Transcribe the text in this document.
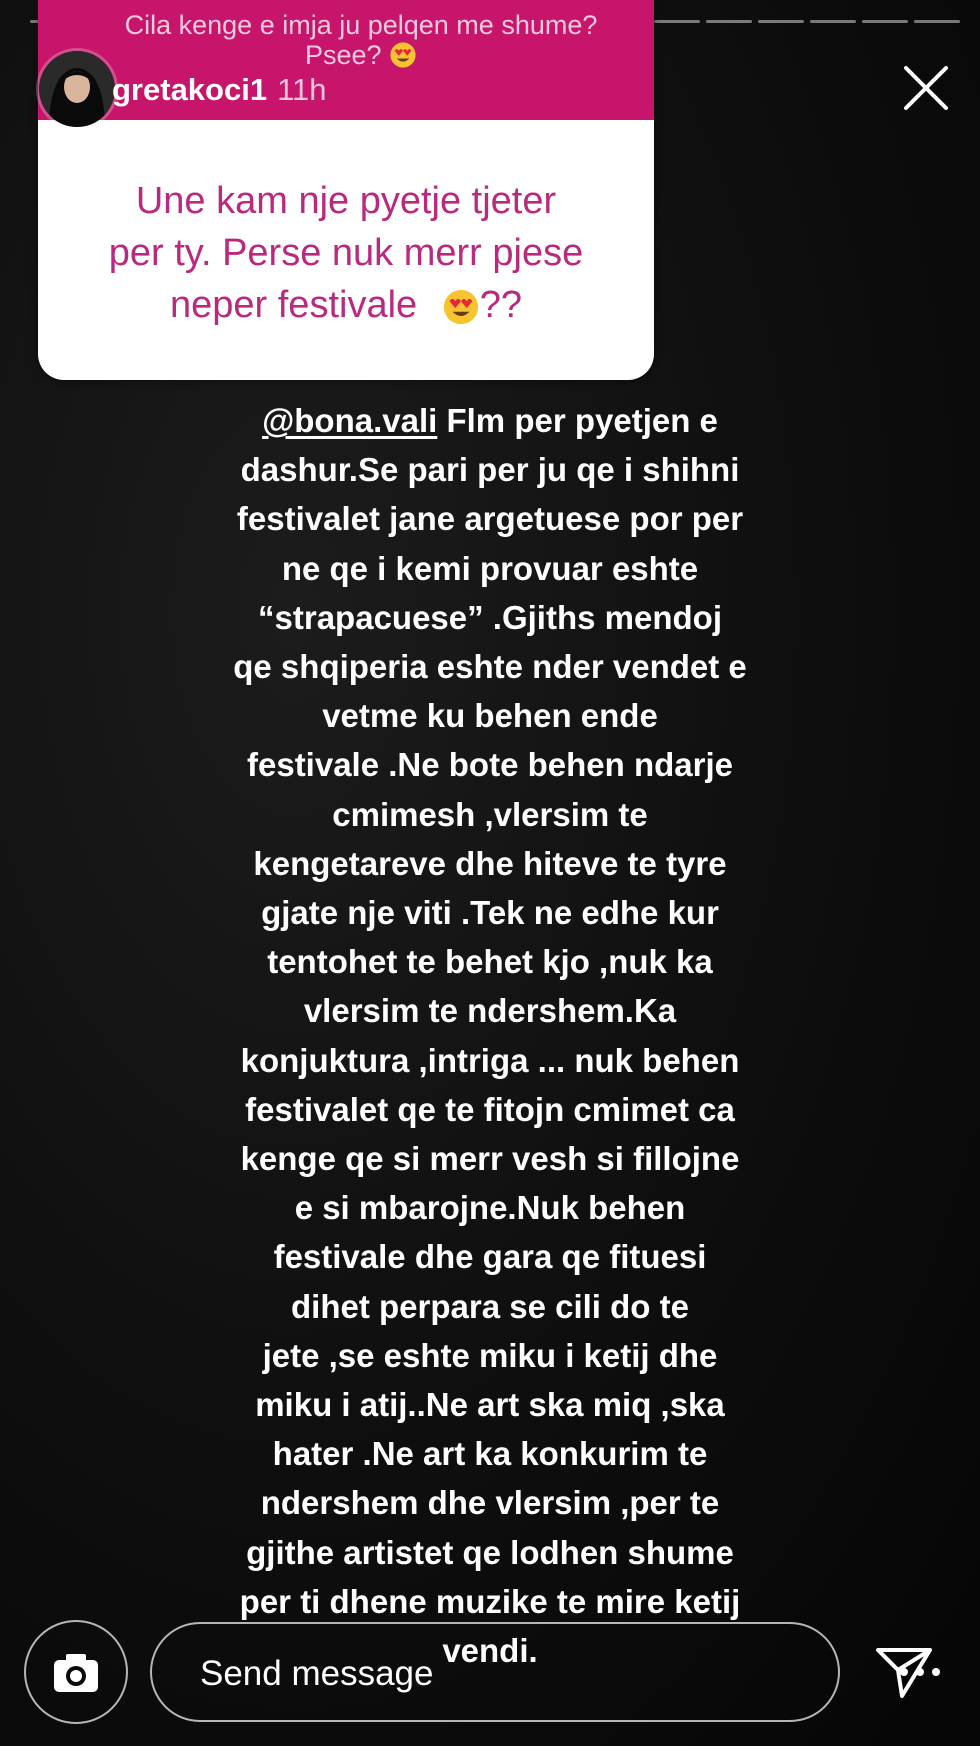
Cila kenge e imja ju pelqen me shume?Psee?
Une kam nje pyetje tjeter
per ty. Perse nuk merr pjese
neper festivale ??
gretakoci1 11h
@bona.vali Flm per pyetjen e
dashur.Se pari per ju qe i shihni
festivalet jane argetuese por per
ne qe i kemi provuar eshte
“strapacuese” .Gjiths mendoj
qe shqiperia eshte nder vendet e
vetme ku behen ende
festivale .Ne bote behen ndarje
cmimesh ,vlersim te
kengetareve dhe hiteve te tyre
gjate nje viti .Tek ne edhe kur
tentohet te behet kjo ,nuk ka
vlersim te ndershem.Ka
konjuktura ,intriga ... nuk behen
festivalet qe te fitojn cmimet ca
kenge qe si merr vesh si fillojne
e si mbarojne.Nuk behen
festivale dhe gara qe fituesi
dihet perpara se cili do te
jete ,se eshte miku i ketij dhe
miku i atij..Ne art ska miq ,ska
hater .Ne art ka konkurim te
ndershem dhe vlersim ,per te
gjithe artistet qe lodhen shume
per ti dhene muzike te mire ketij
vendi.
Send message
